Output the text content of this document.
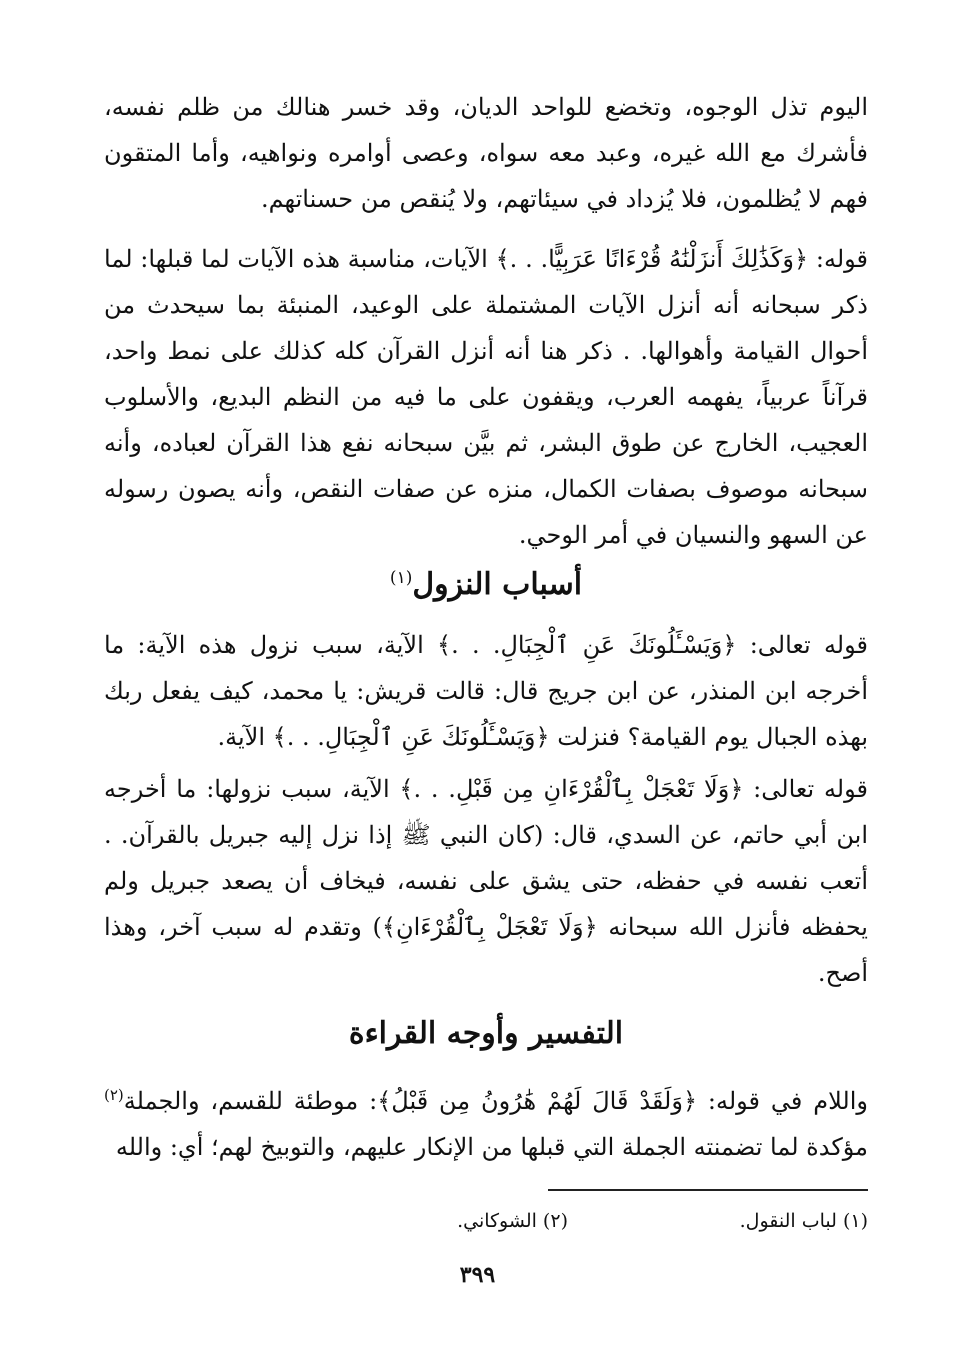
اليوم تذل الوجوه، وتخضع للواحد الديان، وقد خسر هنالك من ظلم نفسه، فأشرك مع الله غيره، وعبد معه سواه، وعصى أوامره ونواهيه، وأما المتقون فهم لا يُظلمون، فلا يُزداد في سيئاتهم، ولا يُنقص من حسناتهم.

قوله: ﴿وَكَذَٰلِكَ أَنزَلْنَٰهُ قُرْءَانًا عَرَبِيًّا. . .﴾ الآيات، مناسبة هذه الآيات لما قبلها: لما ذكر سبحانه أنه أنزل الآيات المشتملة على الوعيد، المنبئة بما سيحدث من أحوال القيامة وأهوالها. . ذكر هنا أنه أنزل القرآن كله كذلك على نمط واحد، قرآناً عربياً، يفهمه العرب، ويقفون على ما فيه من النظم البديع، والأسلوب العجيب، الخارج عن طوق البشر، ثم بيَّن سبحانه نفع هذا القرآن لعباده، وأنه سبحانه موصوف بصفات الكمال، منزه عن صفات النقص، وأنه يصون رسوله عن السهو والنسيان في أمر الوحي.

أسباب النزول$^{(١)}$

قوله تعالى: ﴿وَيَسْـَٔلُونَكَ عَنِ ٱلْجِبَالِ. . .﴾ الآية، سبب نزول هذه الآية: ما أخرجه ابن المنذر، عن ابن جريج قال: قالت قريش: يا محمد، كيف يفعل ربك بهذه الجبال يوم القيامة؟ فنزلت ﴿وَيَسْـَٔلُونَكَ عَنِ ٱلْجِبَالِ. . .﴾ الآية.

قوله تعالى: ﴿وَلَا تَعْجَلْ بِٱلْقُرْءَانِ مِن قَبْلِ. . .﴾ الآية، سبب نزولها: ما أخرجه ابن أبي حاتم، عن السدي، قال: (كان النبي ﷺ إذا نزل إليه جبريل بالقرآن. . أتعب نفسه في حفظه، حتى يشق على نفسه، فيخاف أن يصعد جبريل ولم يحفظه فأنزل الله سبحانه ﴿وَلَا تَعْجَلْ بِٱلْقُرْءَانِ﴾) وتقدم له سبب آخر، وهذا أصح.

التفسير وأوجه القراءة

واللام في قوله: ﴿وَلَقَدْ قَالَ لَهُمْ هَٰرُونُ مِن قَبْلُ﴾: موطئة للقسم، والجملة$^{(٢)}$ مؤكدة لما تضمنته الجملة التي قبلها من الإنكار عليهم، والتوبيخ لهم؛ أي: والله

(١) لباب النقول.
(٢) الشوكاني.
٣٩٩
